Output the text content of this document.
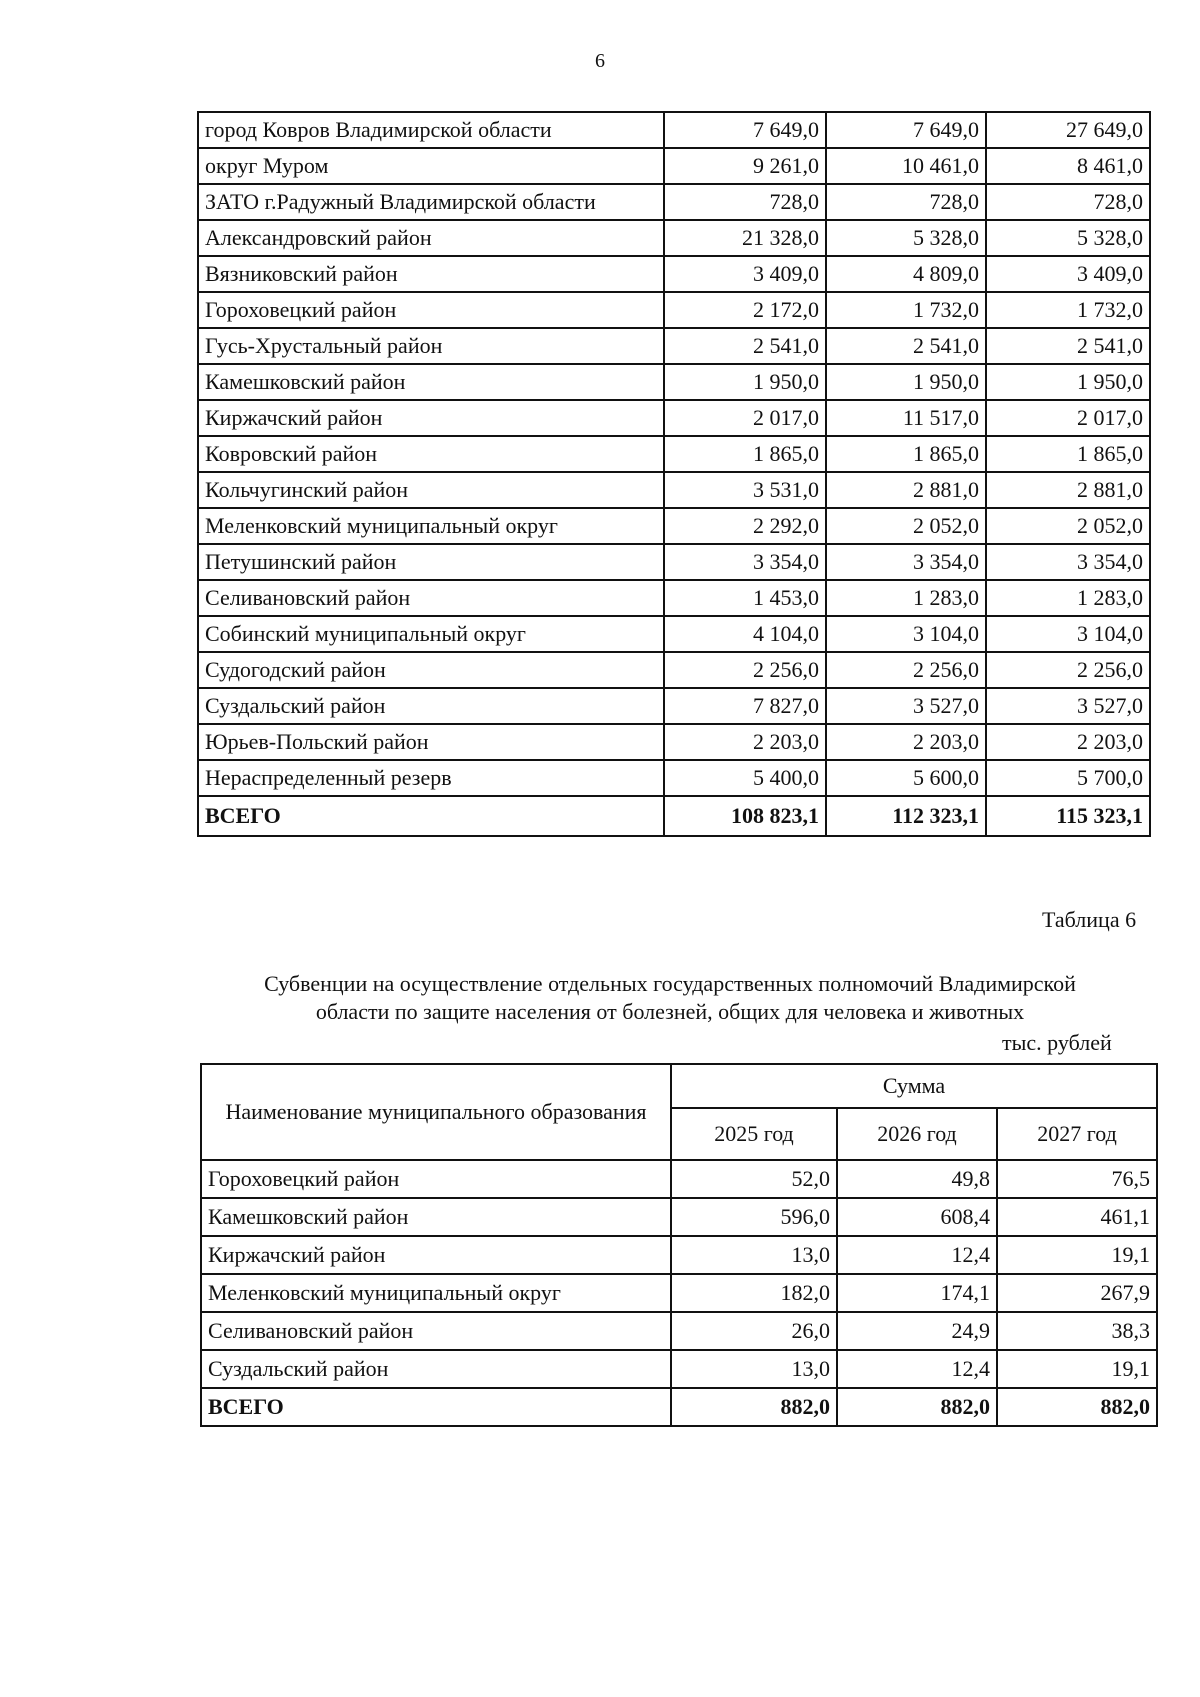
6
город Ковров Владимирской области	7 649,0	7 649,0	27 649,0
округ Муром	9 261,0	10 461,0	8 461,0
ЗАТО г.Радужный Владимирской области	728,0	728,0	728,0
Александровский район	21 328,0	5 328,0	5 328,0
Вязниковский район	3 409,0	4 809,0	3 409,0
Гороховецкий район	2 172,0	1 732,0	1 732,0
Гусь-Хрустальный район	2 541,0	2 541,0	2 541,0
Камешковский район	1 950,0	1 950,0	1 950,0
Киржачский район	2 017,0	11 517,0	2 017,0
Ковровский район	1 865,0	1 865,0	1 865,0
Кольчугинский район	3 531,0	2 881,0	2 881,0
Меленковский муниципальный округ	2 292,0	2 052,0	2 052,0
Петушинский район	3 354,0	3 354,0	3 354,0
Селивановский район	1 453,0	1 283,0	1 283,0
Собинский муниципальный округ	4 104,0	3 104,0	3 104,0
Судогодский район	2 256,0	2 256,0	2 256,0
Суздальский район	7 827,0	3 527,0	3 527,0
Юрьев-Польский район	2 203,0	2 203,0	2 203,0
Нераспределенный резерв	5 400,0	5 600,0	5 700,0
ВСЕГО	108 823,1	112 323,1	115 323,1
Таблица 6
Субвенции на осуществление отдельных государственных полномочий Владимирской
области по защите населения от болезней, общих для человека и животных
тыс. рублей
Наименование муниципального образования	Сумма		
	2025 год	2026 год	2027 год
Гороховецкий район	52,0	49,8	76,5
Камешковский район	596,0	608,4	461,1
Киржачский район	13,0	12,4	19,1
Меленковский муниципальный округ	182,0	174,1	267,9
Селивановский район	26,0	24,9	38,3
Суздальский район	13,0	12,4	19,1
ВСЕГО	882,0	882,0	882,0
